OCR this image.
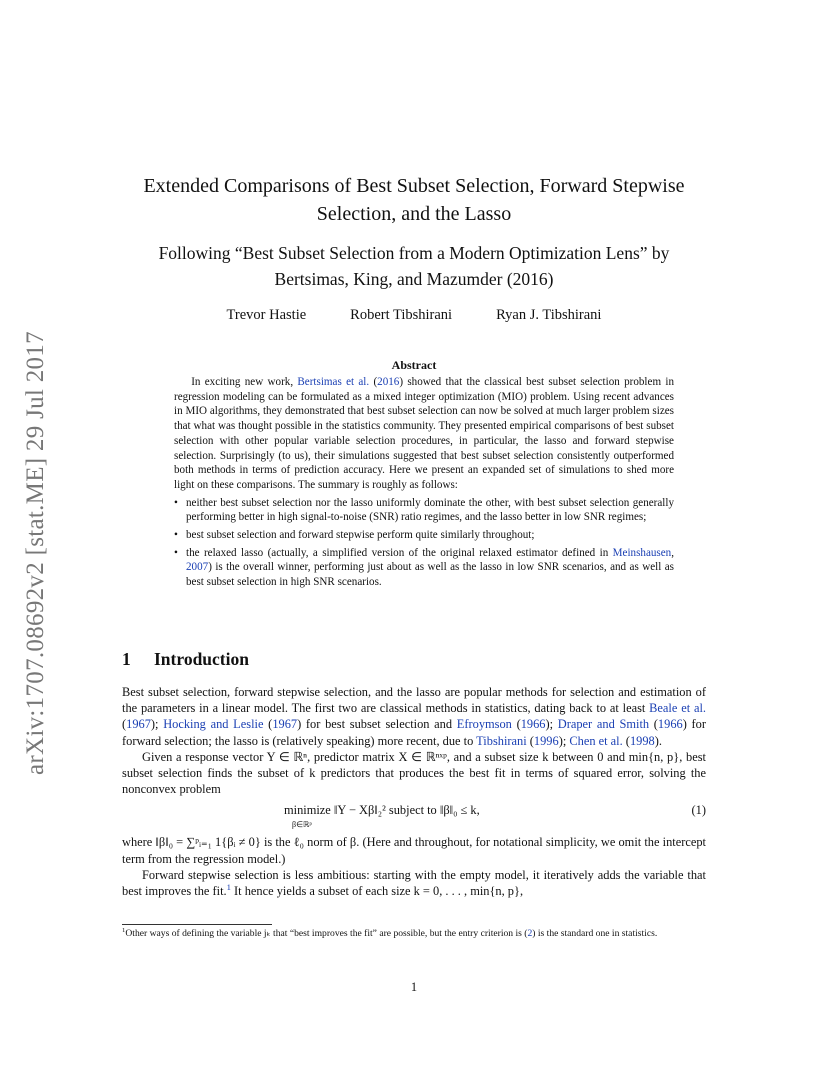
arXiv:1707.08692v2 [stat.ME] 29 Jul 2017
Extended Comparisons of Best Subset Selection, Forward Stepwise Selection, and the Lasso
Following “Best Subset Selection from a Modern Optimization Lens” by Bertsimas, King, and Mazumder (2016)
Trevor Hastie	Robert Tibshirani	Ryan J. Tibshirani
Abstract

In exciting new work, Bertsimas et al. (2016) showed that the classical best subset selection problem in regression modeling can be formulated as a mixed integer optimization (MIO) problem. Using recent advances in MIO algorithms, they demonstrated that best subset selection can now be solved at much larger problem sizes that what was thought possible in the statistics community. They presented empirical comparisons of best subset selection with other popular variable selection procedures, in particular, the lasso and forward stepwise selection. Surprisingly (to us), their simulations suggested that best subset selection consistently outperformed both methods in terms of prediction accuracy. Here we present an expanded set of simulations to shed more light on these comparisons. The summary is roughly as follows:

• neither best subset selection nor the lasso uniformly dominate the other, with best subset selection generally performing better in high signal-to-noise (SNR) ratio regimes, and the lasso better in low SNR regimes;
• best subset selection and forward stepwise perform quite similarly throughout;
• the relaxed lasso (actually, a simplified version of the original relaxed estimator defined in Meinshausen, 2007) is the overall winner, performing just about as well as the lasso in low SNR scenarios, and as well as best subset selection in high SNR scenarios.
1 Introduction

Best subset selection, forward stepwise selection, and the lasso are popular methods for selection and estimation of the parameters in a linear model. The first two are classical methods in statistics, dating back to at least Beale et al. (1967); Hocking and Leslie (1967) for best subset selection and Efroymson (1966); Draper and Smith (1966) for forward selection; the lasso is (relatively speaking) more recent, due to Tibshirani (1996); Chen et al. (1998).

Given a response vector Y ∈ ℝⁿ, predictor matrix X ∈ ℝⁿˣᵖ, and a subset size k between 0 and min{n, p}, best subset selection finds the subset of k predictors that produces the best fit in terms of squared error, solving the nonconvex problem

minimize ‖Y − Xβ‖₂² subject to ‖β‖₀ ≤ k,
β∈ℝᵖ
(1)

where ‖β‖₀ = ∑ᵖᵢ₌₁ 1{βᵢ ≠ 0} is the ℓ₀ norm of β. (Here and throughout, for notational simplicity, we omit the intercept term from the regression model.)

Forward stepwise selection is less ambitious: starting with the empty model, it iteratively adds the variable that best improves the fit.$^1$ It hence yields a subset of each size k = 0, . . . , min{n, p},

$^1$Other ways of defining the variable jₖ that “best improves the fit” are possible, but the entry criterion is (2) is the standard one in statistics.
1
